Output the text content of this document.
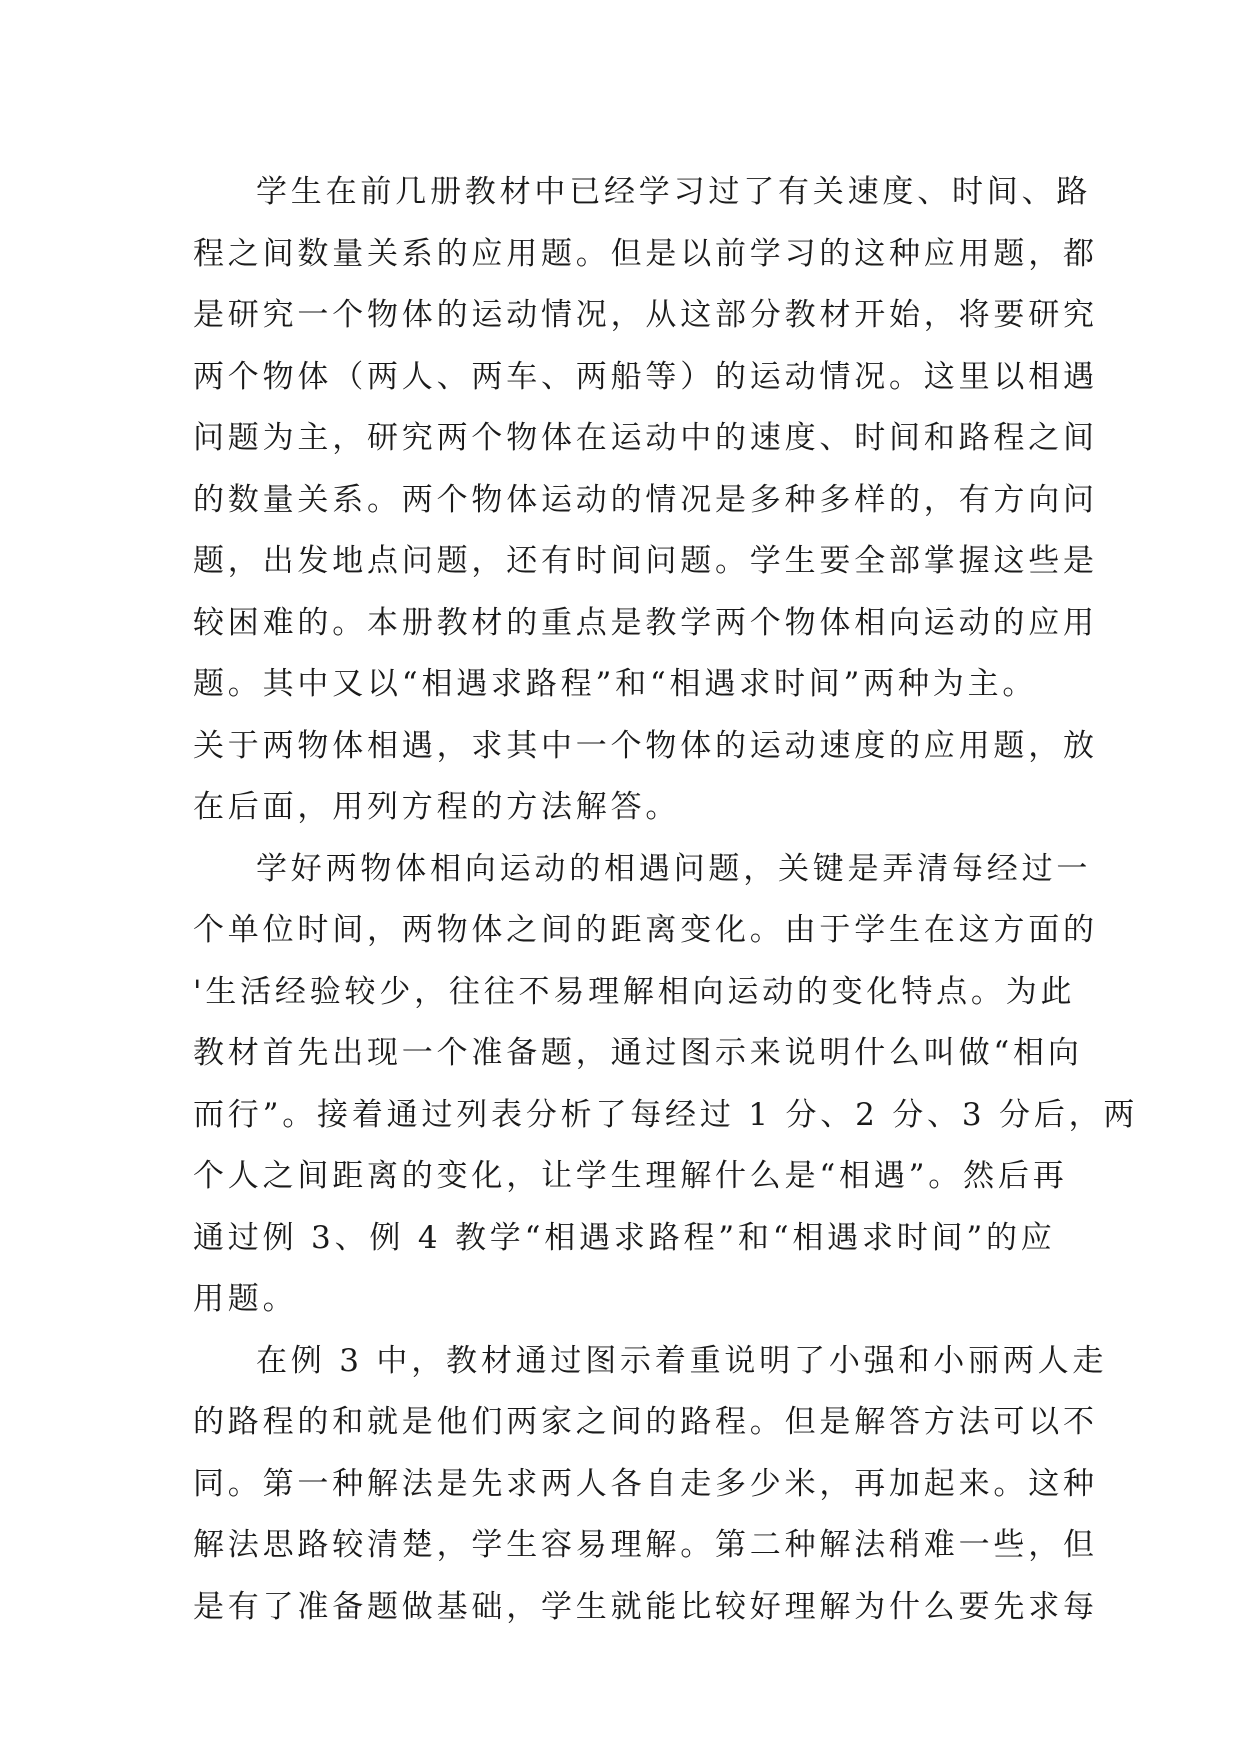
学生在前几册教材中已经学习过了有关速度、时间、路
程之间数量关系的应用题。但是以前学习的这种应用题，都
是研究一个物体的运动情况，从这部分教材开始，将要研究
两个物体（两人、两车、两船等）的运动情况。这里以相遇
问题为主，研究两个物体在运动中的速度、时间和路程之间
的数量关系。两个物体运动的情况是多种多样的，有方向问
题，出发地点问题，还有时间问题。学生要全部掌握这些是
较困难的。本册教材的重点是教学两个物体相向运动的应用
题。其中又以“相遇求路程”和“相遇求时间”两种为主。
关于两物体相遇，求其中一个物体的运动速度的应用题，放
在后面，用列方程的方法解答。
学好两物体相向运动的相遇问题，关键是弄清每经过一
个单位时间，两物体之间的距离变化。由于学生在这方面的
'生活经验较少，往往不易理解相向运动的变化特点。为此
教材首先出现一个准备题，通过图示来说明什么叫做“相向
而行”。接着通过列表分析了每经过 1 分、2 分、3 分后，两
个人之间距离的变化，让学生理解什么是“相遇”。然后再
通过例 3、例 4 教学“相遇求路程”和“相遇求时间”的应
用题。
在例 3 中，教材通过图示着重说明了小强和小丽两人走
的路程的和就是他们两家之间的路程。但是解答方法可以不
同。第一种解法是先求两人各自走多少米，再加起来。这种
解法思路较清楚，学生容易理解。第二种解法稍难一些，但
是有了准备题做基础，学生就能比较好理解为什么要先求每
